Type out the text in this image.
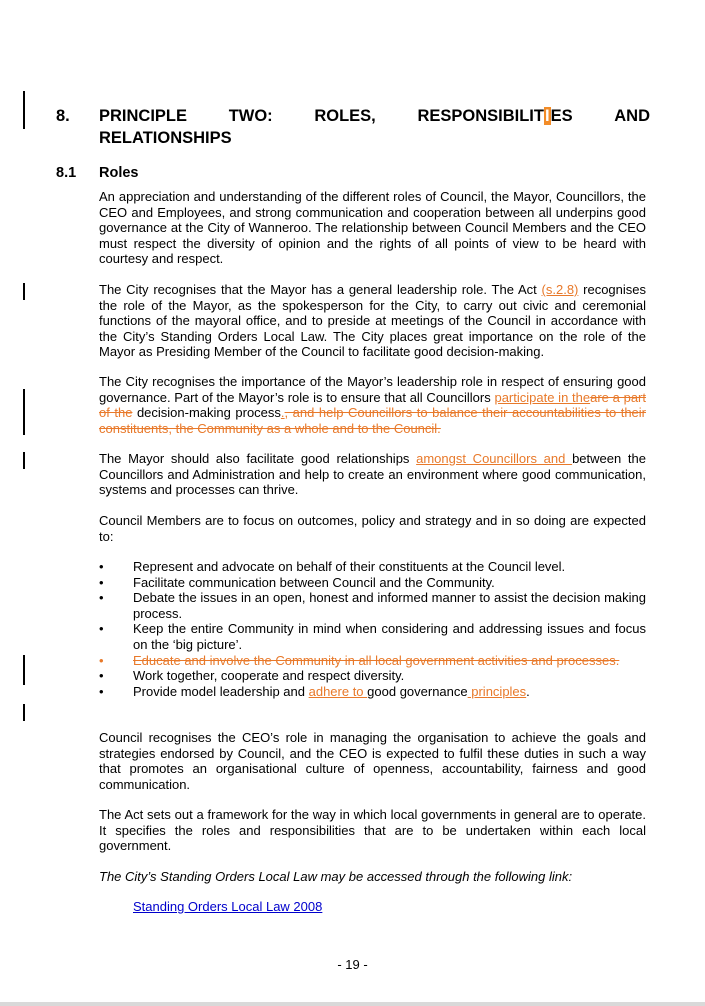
8. PRINCIPLE	TWO:	ROLES,	RESPONSIBILITIES	AND
RELATIONSHIPS
8.1 Roles
An appreciation and understanding of the different roles of Council, the Mayor, Councillors, the CEO and Employees, and strong communication and cooperation between all underpins good governance at the City of Wanneroo. The relationship between Council Members and the CEO must respect the diversity of opinion and the rights of all points of view to be heard with courtesy and respect.
The City recognises that the Mayor has a general leadership role. The Act (s.2.8) recognises the role of the Mayor, as the spokesperson for the City, to carry out civic and ceremonial functions of the mayoral office, and to preside at meetings of the Council in accordance with the City’s Standing Orders Local Law. The City places great importance on the role of the Mayor as Presiding Member of the Council to facilitate good decision-making.
The City recognises the importance of the Mayor’s leadership role in respect of ensuring good governance. Part of the Mayor’s role is to ensure that all Councillors participate in theare a part of the decision-making process., and help Councillors to balance their accountabilities to their constituents, the Community as a whole and to the Council.
The Mayor should also facilitate good relationships amongst Councillors and between the Councillors and Administration and help to create an environment where good communication, systems and processes can thrive.
Council Members are to focus on outcomes, policy and strategy and in so doing are expected to:
• Represent and advocate on behalf of their constituents at the Council level.
• Facilitate communication between Council and the Community.
• Debate the issues in an open, honest and informed manner to assist the decision making process.
• Keep the entire Community in mind when considering and addressing issues and focus on the ‘big picture’.
• Educate and involve the Community in all local government activities and processes.
• Work together, cooperate and respect diversity.
• Provide model leadership and adhere to good governance principles.
Council recognises the CEO’s role in managing the organisation to achieve the goals and strategies endorsed by Council, and the CEO is expected to fulfil these duties in such a way that promotes an organisational culture of openness, accountability, fairness and good communication.
The Act sets out a framework for the way in which local governments in general are to operate. It specifies the roles and responsibilities that are to be undertaken within each local government.
The City’s Standing Orders Local Law may be accessed through the following link:
Standing Orders Local Law 2008
- 19 -
